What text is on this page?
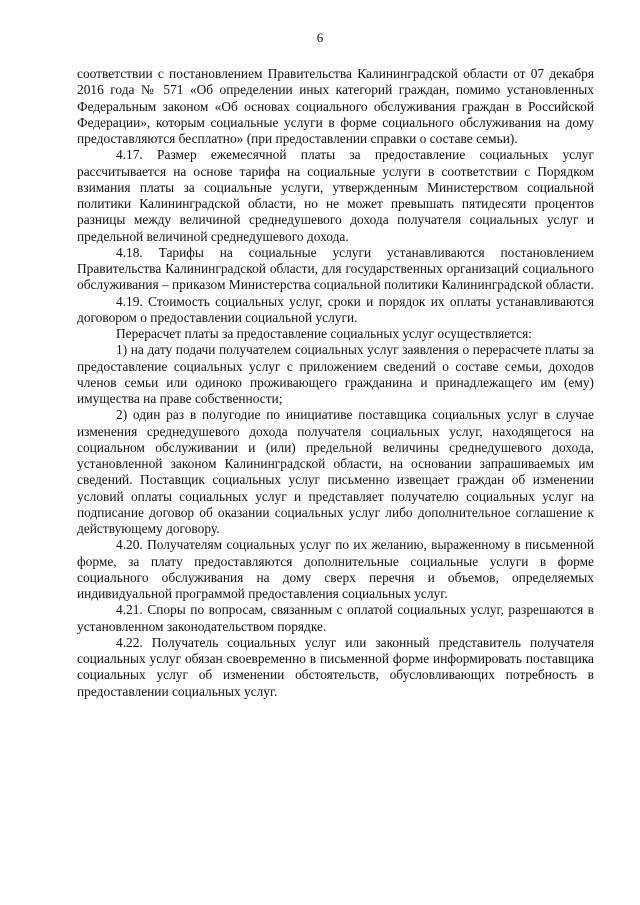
6

соответствии с постановлением Правительства Калининградской области от 07 декабря 2016 года № 571 «Об определении иных категорий граждан, помимо установленных Федеральным законом «Об основах социального обслуживания граждан в Российской Федерации», которым социальные услуги в форме социального обслуживания на дому предоставляются бесплатно» (при предоставлении справки о составе семьи).

4.17. Размер ежемесячной платы за предоставление социальных услуг рассчитывается на основе тарифа на социальные услуги в соответствии с Порядком взимания платы за социальные услуги, утвержденным Министерством социальной политики Калининградской области, но не может превышать пятидесяти процентов разницы между величиной среднедушевого дохода получателя социальных услуг и предельной величиной среднедушевого дохода.

4.18. Тарифы на социальные услуги устанавливаются постановлением Правительства Калининградской области, для государственных организаций социального обслуживания – приказом Министерства социальной политики Калининградской области.

4.19. Стоимость социальных услуг, сроки и порядок их оплаты устанавливаются договором о предоставлении социальной услуги.

Перерасчет платы за предоставление социальных услуг осуществляется:

1) на дату подачи получателем социальных услуг заявления о перерасчете платы за предоставление социальных услуг с приложением сведений о составе семьи, доходов членов семьи или одиноко проживающего гражданина и принадлежащего им (ему) имущества на праве собственности;

2) один раз в полугодие по инициативе поставщика социальных услуг в случае изменения среднедушевого дохода получателя социальных услуг, находящегося на социальном обслуживании и (или) предельной величины среднедушевого дохода, установленной законом Калининградской области, на основании запрашиваемых им сведений. Поставщик социальных услуг письменно извещает граждан об изменении условий оплаты социальных услуг и представляет получателю социальных услуг на подписание договор об оказании социальных услуг либо дополнительное соглашение к действующему договору.

4.20. Получателям социальных услуг по их желанию, выраженному в письменной форме, за плату предоставляются дополнительные социальные услуги в форме социального обслуживания на дому сверх перечня и объемов, определяемых индивидуальной программой предоставления социальных услуг.

4.21. Споры по вопросам, связанным с оплатой социальных услуг, разрешаются в установленном законодательством порядке.

4.22. Получатель социальных услуг или законный представитель получателя социальных услуг обязан своевременно в письменной форме информировать поставщика социальных услуг об изменении обстоятельств, обусловливающих потребность в предоставлении социальных услуг.
